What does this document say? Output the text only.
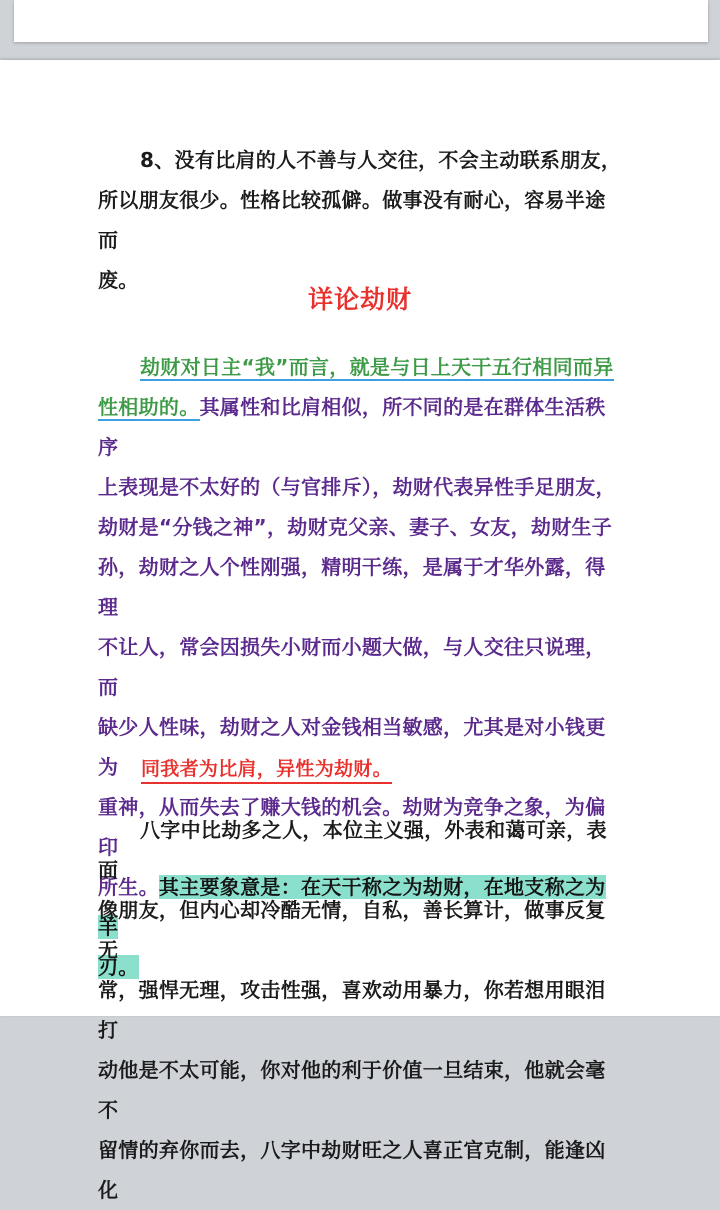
8、没有比肩的人不善与人交往，不会主动联系朋友，
所以朋友很少。性格比较孤僻。做事没有耐心，容易半途而
废。
详论劫财
劫财对日主“我”而言，就是与日上天干五行相同而异
性相助的。其属性和比肩相似，所不同的是在群体生活秩序
上表现是不太好的（与官排斥），劫财代表异性手足朋友，
劫财是“分钱之神”，劫财克父亲、妻子、女友，劫财生子
孙，劫财之人个性刚强，精明干练，是属于才华外露，得理
不让人，常会因损失小财而小题大做，与人交往只说理，而
缺少人性味，劫财之人对金钱相当敏感，尤其是对小钱更为
重神，从而失去了赚大钱的机会。劫财为竞争之象，为偏印
所生。其主要象意是：在天干称之为劫财，在地支称之为羊
刃。
同我者为比肩，异性为劫财。
八字中比劫多之人，本位主义强，外表和蔼可亲，表面
像朋友，但内心却冷酷无情，自私，善长算计，做事反复无
常，强悍无理，攻击性强，喜欢动用暴力，你若想用眼泪打
动他是不太可能，你对他的利于价值一旦结束，他就会毫不
留情的弃你而去，八字中劫财旺之人喜正官克制，能逢凶化
